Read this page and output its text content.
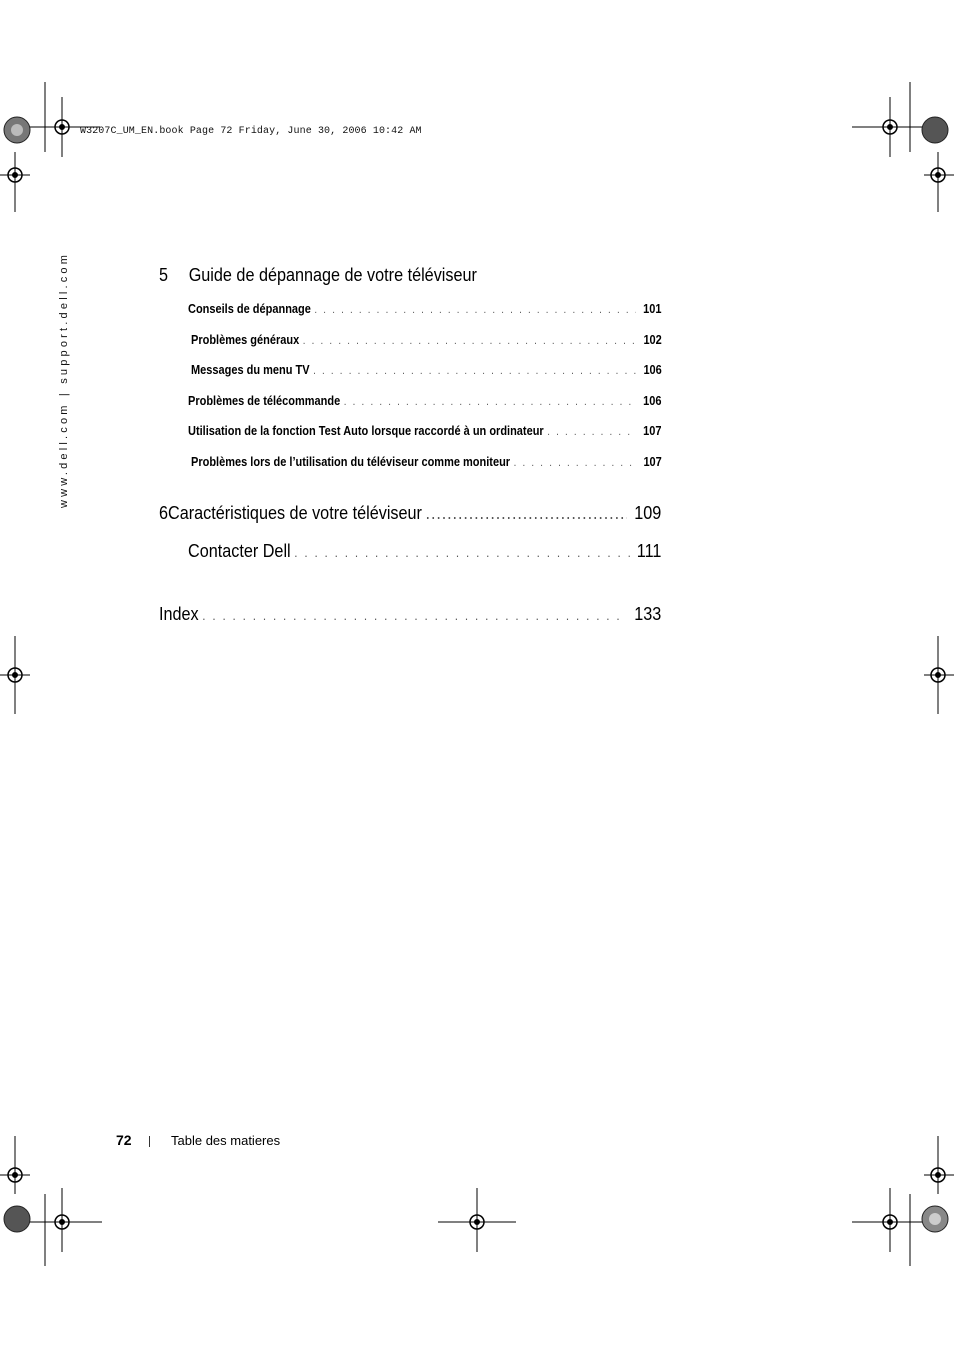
W3207C_UM_EN.book Page 72 Friday, June 30, 2006 10:42 AM
www.dell.com | support.dell.com	5 Guide de dépannage de votre téléviseur
Conseils de dépannage . . .	101
Problèmes généraux . . .	102
Messages du menu TV . . .	106
Problèmes de télécommande . . .	106
Utilisation de la fonction Test Auto lorsque raccordé à un ordinateur . . .	107
Problèmes lors de l’utilisation du téléviseur comme moniteur . . .	107
6 Caractéristiques de votre téléviseur .....	109
Contacter Dell . . .	111
Index . . .	133
72	Table des matieres
